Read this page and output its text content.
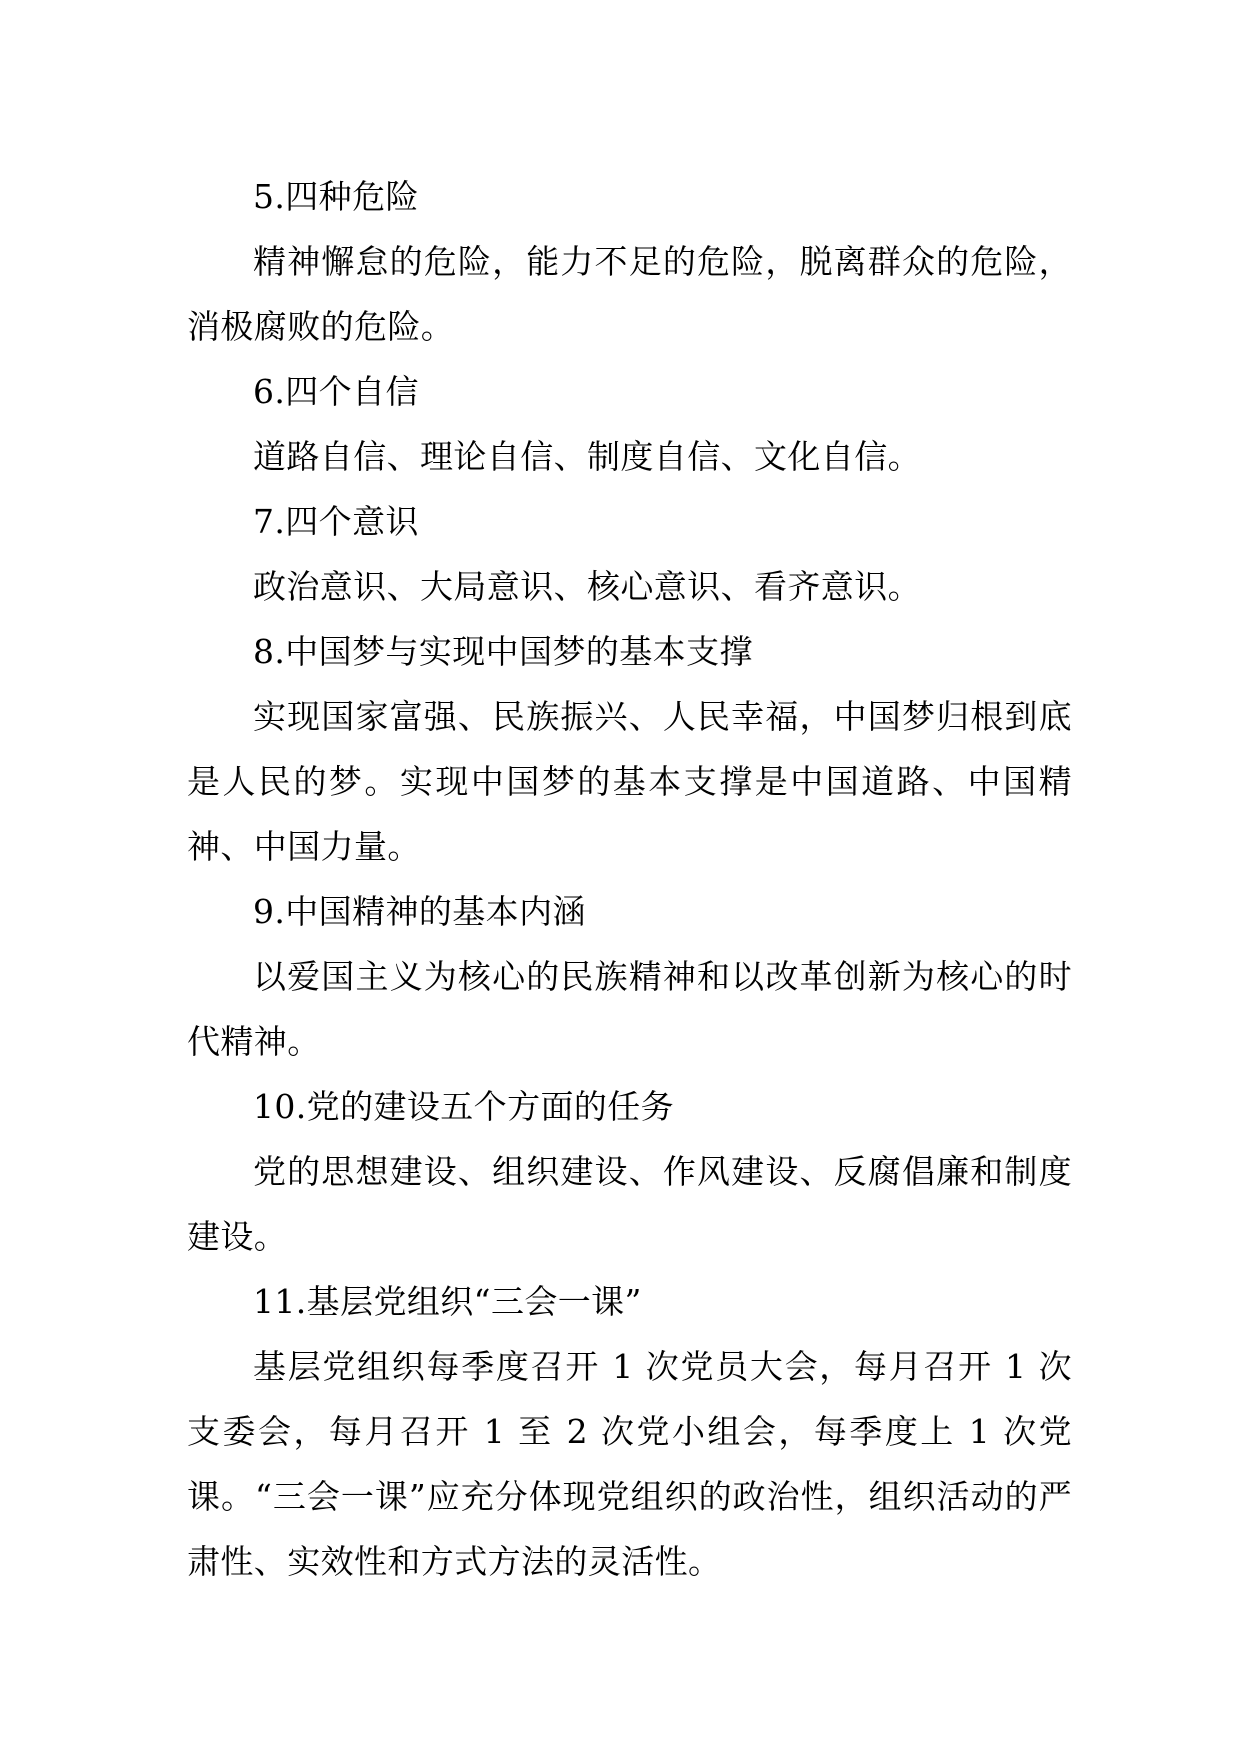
5.四种危险

精神懈怠的危险，能力不足的危险，脱离群众的危险，消极腐败的危险。

6.四个自信

道路自信、理论自信、制度自信、文化自信。

7.四个意识

政治意识、大局意识、核心意识、看齐意识。

8.中国梦与实现中国梦的基本支撑

实现国家富强、民族振兴、人民幸福，中国梦归根到底是人民的梦。实现中国梦的基本支撑是中国道路、中国精神、中国力量。

9.中国精神的基本内涵

以爱国主义为核心的民族精神和以改革创新为核心的时代精神。

10.党的建设五个方面的任务

党的思想建设、组织建设、作风建设、反腐倡廉和制度建设。

11.基层党组织“三会一课”

基层党组织每季度召开 1 次党员大会，每月召开 1 次支委会，每月召开 1 至 2 次党小组会，每季度上 1 次党课。“三会一课”应充分体现党组织的政治性，组织活动的严肃性、实效性和方式方法的灵活性。
